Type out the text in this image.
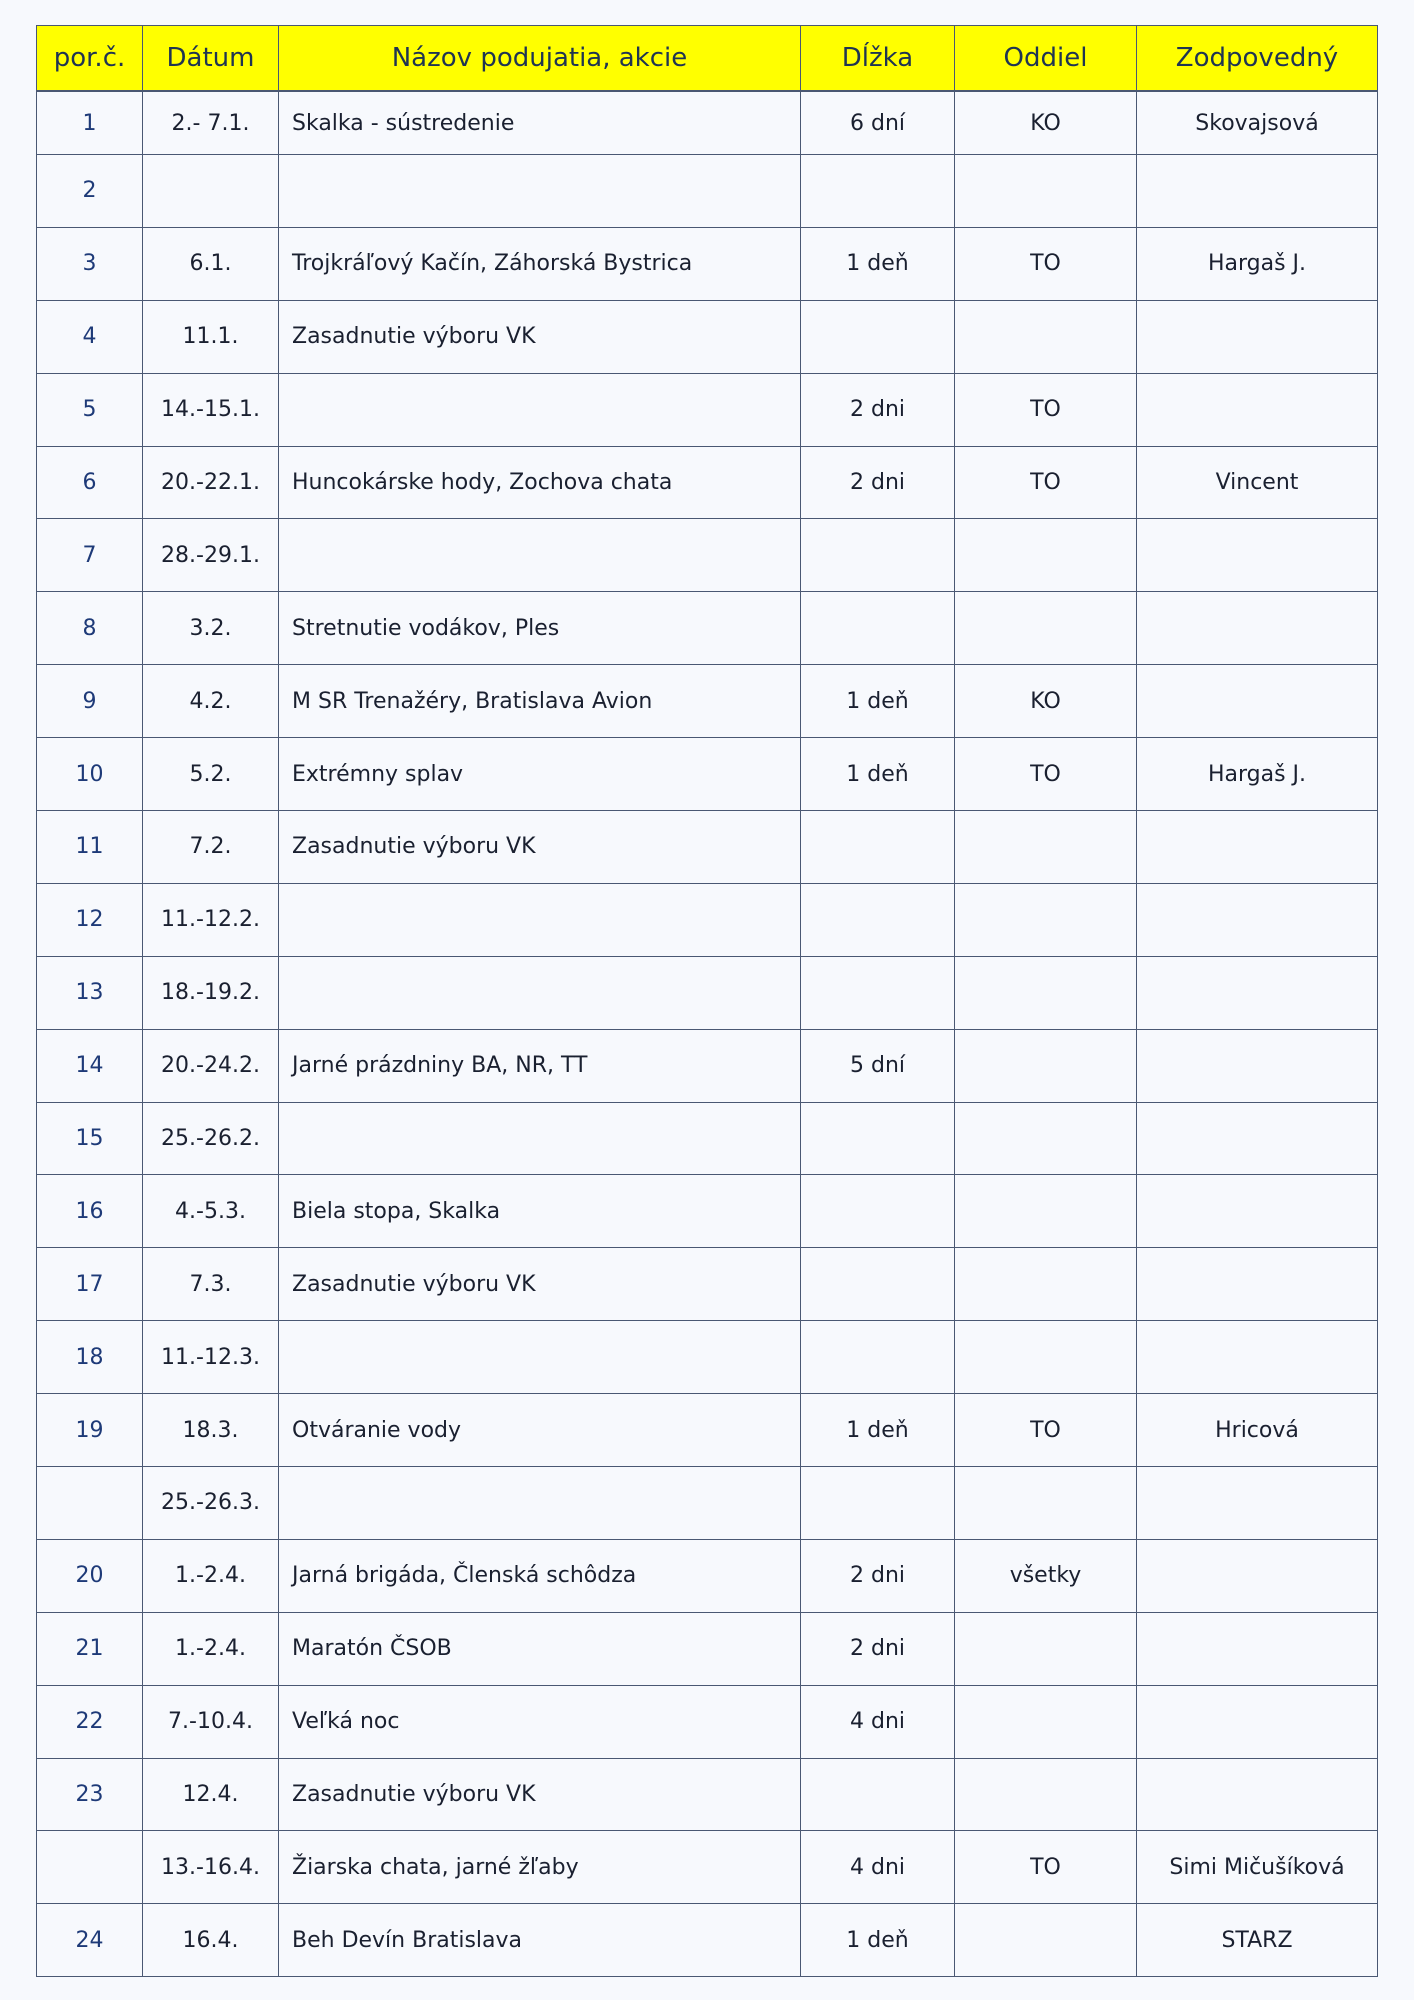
por.č.	Dátum	Názov podujatia, akcie	Dĺžka	Oddiel	Zodpovedný
1	2.- 7.1.	Skalka - sústredenie	6 dní	KO	Skovajsová
2					
3	6.1.	Trojkráľový Kačín, Záhorská Bystrica	1 deň	TO	Hargaš J.
4	11.1.	Zasadnutie výboru VK			
5	14.-15.1.		2 dni	TO	
6	20.-22.1.	Huncokárske hody, Zochova chata	2 dni	TO	Vincent
7	28.-29.1.				
8	3.2.	Stretnutie vodákov, Ples			
9	4.2.	M SR Trenažéry, Bratislava Avion	1 deň	KO	
10	5.2.	Extrémny splav	1 deň	TO	Hargaš J.
11	7.2.	Zasadnutie výboru VK			
12	11.-12.2.				
13	18.-19.2.				
14	20.-24.2.	Jarné prázdniny BA, NR, TT	5 dní		
15	25.-26.2.				
16	4.-5.3.	Biela stopa, Skalka			
17	7.3.	Zasadnutie výboru VK			
18	11.-12.3.				
19	18.3.	Otváranie vody	1 deň	TO	Hricová
	25.-26.3.				
20	1.-2.4.	Jarná brigáda, Členská schôdza	2 dni	všetky	
21	1.-2.4.	Maratón ČSOB	2 dni		
22	7.-10.4.	Veľká noc	4 dni		
23	12.4.	Zasadnutie výboru VK			
	13.-16.4.	Žiarska chata, jarné žľaby	4 dni	TO	Simi Mičušíková
24	16.4.	Beh Devín Bratislava	1 deň		STARZ
